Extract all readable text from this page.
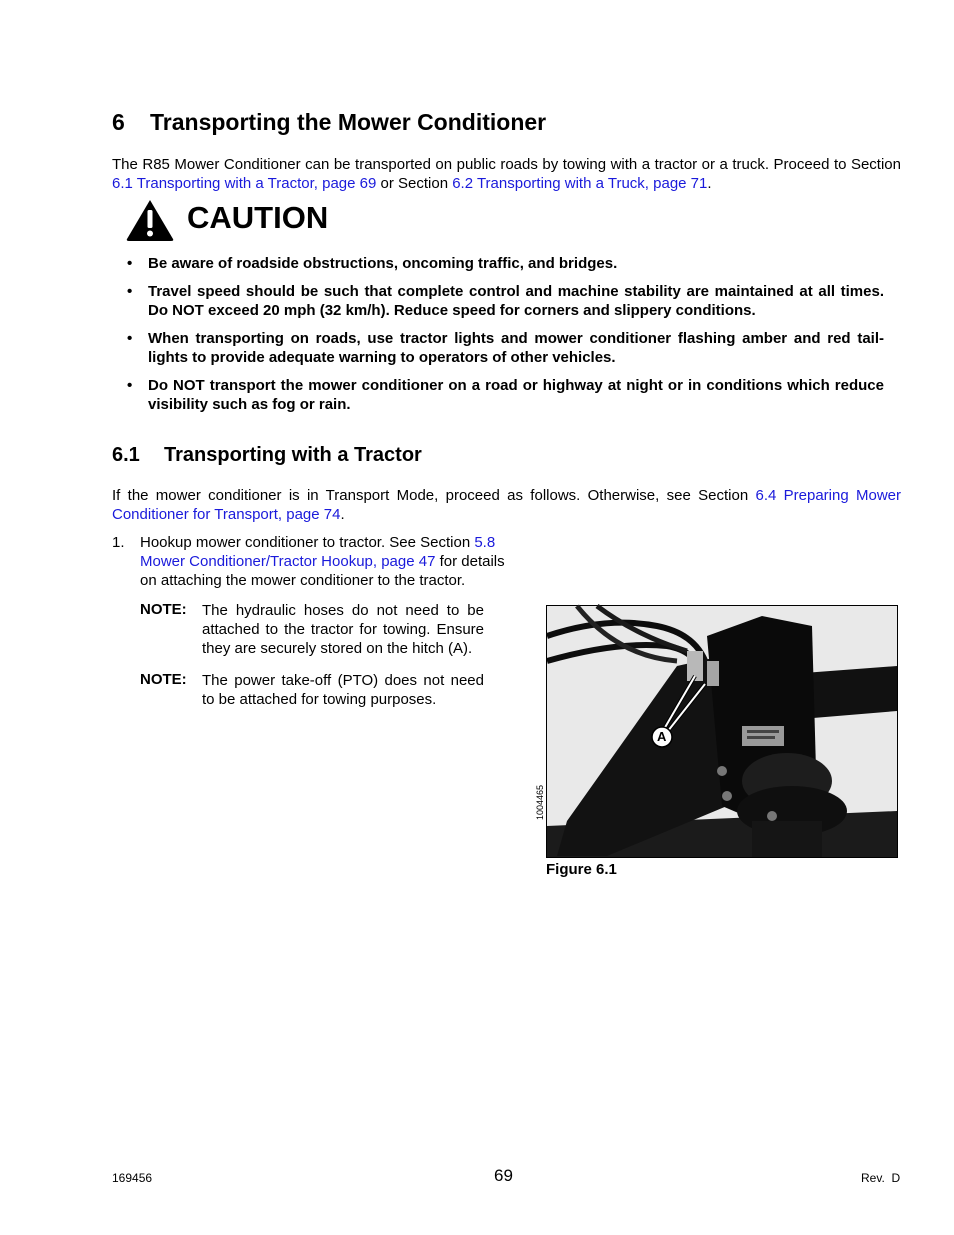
6 Transporting the Mower Conditioner
The R85 Mower Conditioner can be transported on public roads by towing with a tractor or a truck. Proceed to Section 6.1 Transporting with a Tractor, page 69 or Section 6.2 Transporting with a Truck, page 71.
CAUTION
• Be aware of roadside obstructions, oncoming traffic, and bridges.
• Travel speed should be such that complete control and machine stability are maintained at all times. Do NOT exceed 20 mph (32 km/h). Reduce speed for corners and slippery conditions.
• When transporting on roads, use tractor lights and mower conditioner flashing amber and red tail-lights to provide adequate warning to operators of other vehicles.
• Do NOT transport the mower conditioner on a road or highway at night or in conditions which reduce visibility such as fog or rain.
6.1 Transporting with a Tractor
If the mower conditioner is in Transport Mode, proceed as follows. Otherwise, see Section 6.4 Preparing Mower Conditioner for Transport, page 74.
1. Hookup mower conditioner to tractor. See Section 5.8 Mower Conditioner/Tractor Hookup, page 47 for details on attaching the mower conditioner to the tractor.
NOTE: The hydraulic hoses do not need to be attached to the tractor for towing. Ensure they are securely stored on the hitch (A).
NOTE: The power take-off (PTO) does not need to be attached for towing purposes.
A
1004465
Figure 6.1
169456	69	Rev.  D
